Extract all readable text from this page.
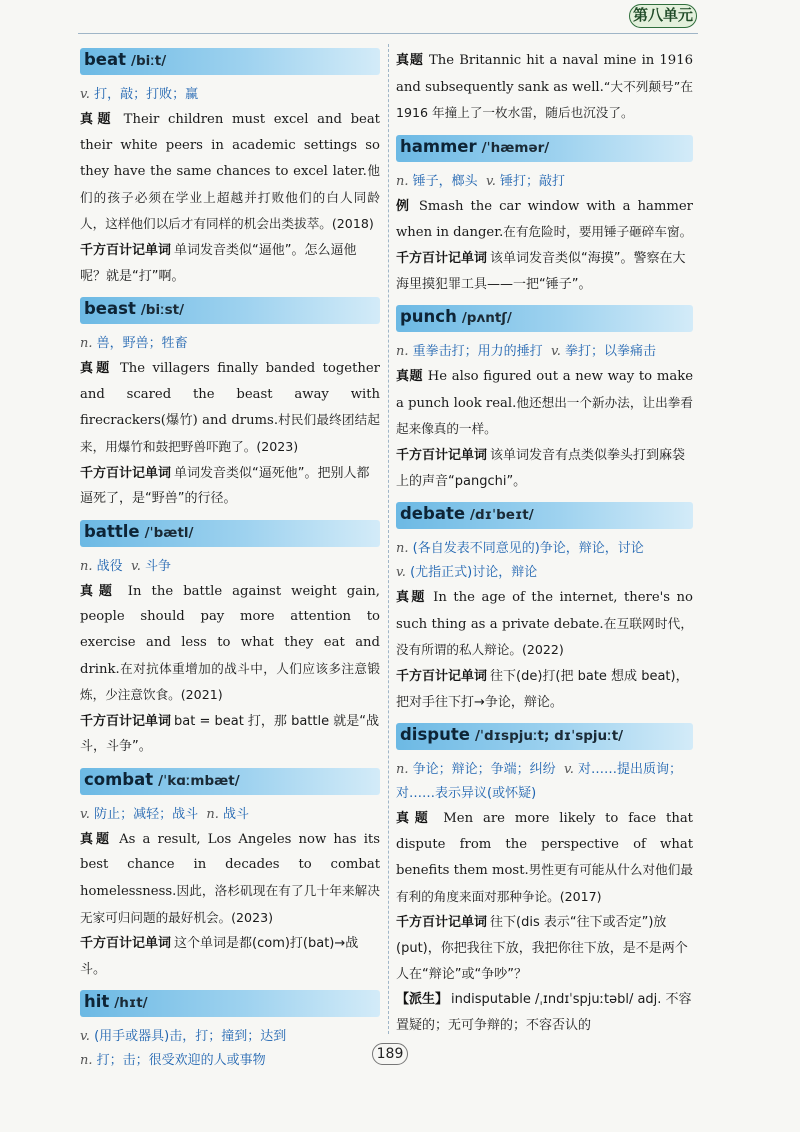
第八单元
beat /biːt/
v. 打，敲；打败；赢
真题 Their children must excel and beat their white peers in academic settings so they have the same chances to excel later.他们的孩子必须在学业上超越并打败他们的白人同龄人，这样他们以后才有同样的机会出类拔萃。(2018)
千方百计记单词 单词发音类似“逼他”。怎么逼他呢？就是“打”啊。
beast /biːst/
n. 兽，野兽；牲畜
真题 The villagers finally banded together and scared the beast away with firecrackers(爆竹) and drums.村民们最终团结起来，用爆竹和鼓把野兽吓跑了。(2023)
千方百计记单词 单词发音类似“逼死他”。把别人都逼死了，是“野兽”的行径。
battle /ˈbætl/
n. 战役 v. 斗争
真题 In the battle against weight gain, people should pay more attention to exercise and less to what they eat and drink.在对抗体重增加的战斗中，人们应该多注意锻炼，少注意饮食。(2021)
千方百计记单词 bat = beat 打，那 battle 就是“战斗，斗争”。
combat /ˈkɑːmbæt/
v. 防止；减轻；战斗 n. 战斗
真题 As a result, Los Angeles now has its best chance in decades to combat homelessness.因此，洛杉矶现在有了几十年来解决无家可归问题的最好机会。(2023)
千方百计记单词 这个单词是都(com)打(bat)→战斗。
hit /hɪt/
v. (用手或器具)击，打；撞到；达到
n. 打；击；很受欢迎的人或事物
真题 The Britannic hit a naval mine in 1916 and subsequently sank as well.“大不列颠号”在 1916 年撞上了一枚水雷，随后也沉没了。
hammer /ˈhæmər/
n. 锤子，榔头 v. 锤打；敲打
例 Smash the car window with a hammer when in danger.在有危险时，要用锤子砸碎车窗。
千方百计记单词 该单词发音类似“海摸”。警察在大海里摸犯罪工具——一把“锤子”。
punch /pʌntʃ/
n. 重拳击打；用力的捶打 v. 拳打；以拳痛击
真题 He also figured out a new way to make a punch look real.他还想出一个新办法，让出拳看起来像真的一样。
千方百计记单词 该单词发音有点类似拳头打到麻袋上的声音“pangchi”。
debate /dɪˈbeɪt/
n. (各自发表不同意见的)争论，辩论，讨论
v. (尤指正式)讨论，辩论
真题 In the age of the internet, there's no such thing as a private debate.在互联网时代，没有所谓的私人辩论。(2022)
千方百计记单词 往下(de)打(把 bate 想成 beat)，把对手往下打→争论，辩论。
dispute /ˈdɪspjuːt; dɪˈspjuːt/
n. 争论；辩论；争端；纠纷 v. 对……提出质询；对……表示异议(或怀疑)
真题 Men are more likely to face that dispute from the perspective of what benefits them most.男性更有可能从什么对他们最有利的角度来面对那种争论。(2017)
千方百计记单词 往下(dis 表示“往下或否定”)放(put)，你把我往下放，我把你往下放，是不是两个人在“辩论”或“争吵”？
【派生】 indisputable /ˌɪndɪˈspjuːtəbl/ adj. 不容置疑的；无可争辩的；不容否认的
189
